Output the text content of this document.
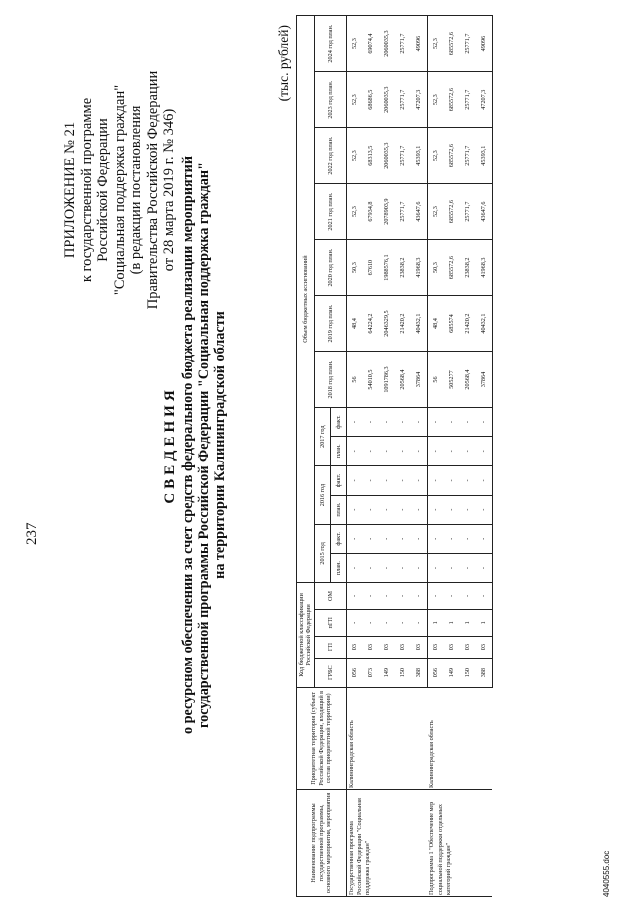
237
ПРИЛОЖЕНИЕ № 21 к государственной программе Российской Федерации "Социальная поддержка граждан" (в редакции постановления Правительства Российской Федерации от 28 марта 2019 г. № 346)
СВЕДЕНИЯ о ресурсном обеспечении за счет средств федерального бюджета реализации мероприятий государственной программы Российской Федерации "Социальная поддержка граждан" на территории Калининградской области
(тыс. рублей)
Наименование подпрограммы государственной программы, основного мероприятия, мероприятия	Приоритетная территория (субъект Российской Федерации, входящий в состав приоритетной территории)	Код бюджетной классификации Российской Федерации				Объем бюджетных ассигнований												
		ГРБС	ГП	пГП	ОМ	2015 год		2016 год		2017 год		2018 год план.	2019 год план.	2020 год план.	2021 год план.	2022 год план.	2023 год план.	2024 год план.
						план.	факт.	план.	факт.	план.	факт.							
Государственная программа Российской Федерации "Социальная поддержка граждан"	Калининградская область	056	03	-	-	-	-	-	-	-	-	56	48,4	50,3	52,3	52,3	52,3	52,3
		073	03	-	-	-	-	-	-	-	-	54010,5	64224,2	67610	67934,8	68313,5	68686,5	69074,4
		149	03	-	-	-	-	-	-	-	-	1091786,3	2046329,5	1988576,1	2078903,9	2060035,3	2060035,3	2060035,3
		150	03	-	-	-	-	-	-	-	-	20568,4	21420,2	23838,2	25771,7	25771,7	25771,7	25771,7
		388	03	-	-	-	-	-	-	-	-	37864	40432,1	41968,3	43647,6	45393,1	47207,3	49096
Подпрограмма 1 "Обеспечение мер социальной поддержки отдельных категорий граждан"	Калининградская область	056	03	1	-	-	-	-	-	-	-	56	48,4	50,3	52,3	52,3	52,3	52,3
		149	03	1	-	-	-	-	-	-	-	505277	685574	685572,6	685572,6	685572,6	685572,6	685572,6
		150	03	1	-	-	-	-	-	-	-	20568,4	21420,2	23838,2	25771,7	25771,7	25771,7	25771,7
		388	03	1	-	-	-	-	-	-	-	37864	40432,1	41968,3	43647,6	45393,1	47207,3	49096
4040555.doc
